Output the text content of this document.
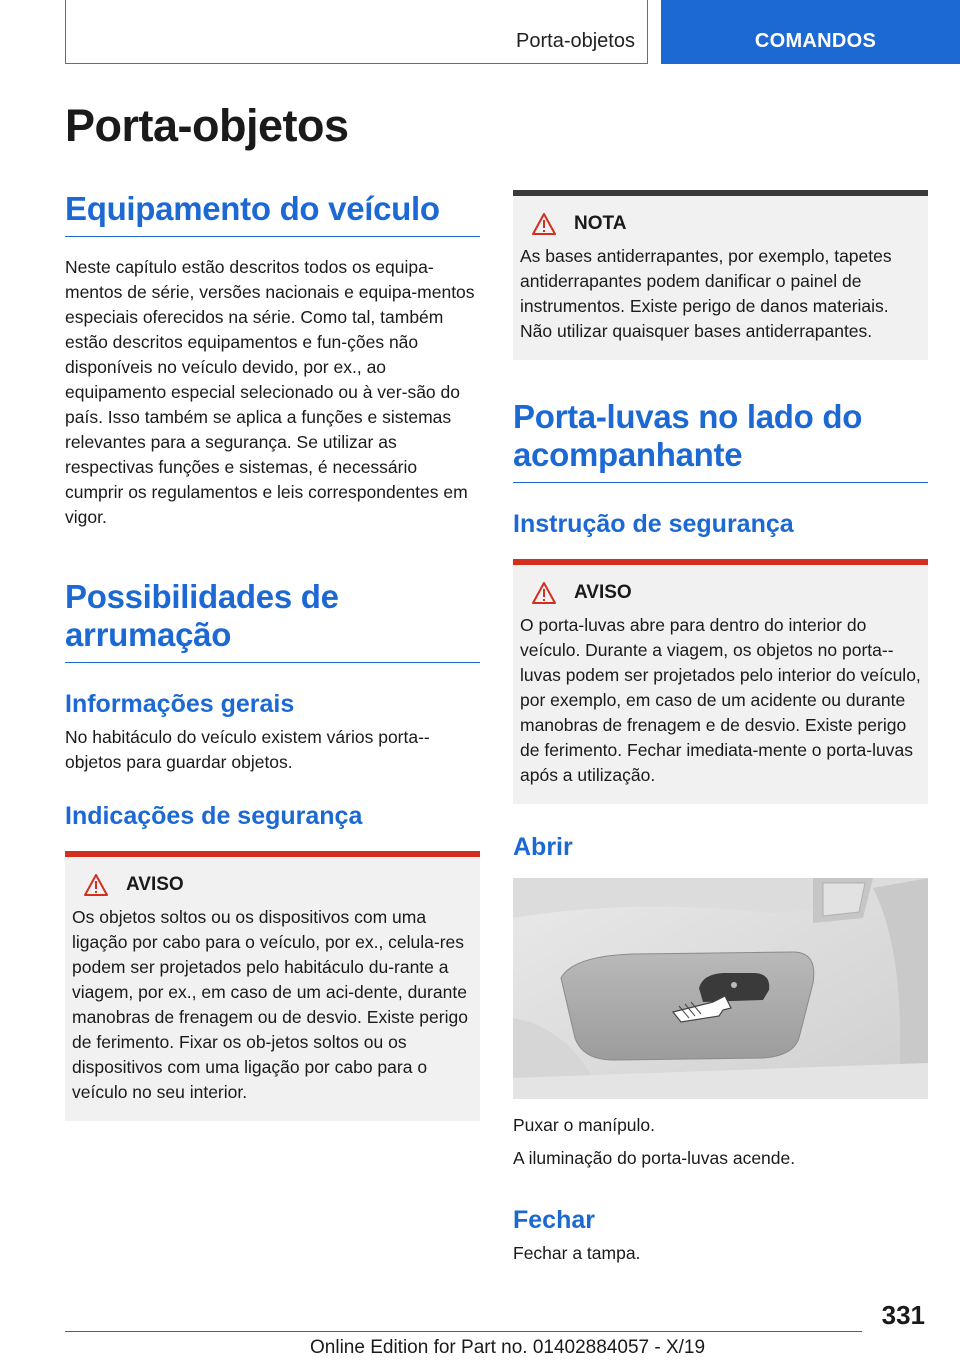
Porta-objetos	COMANDOS
Porta-objetos
Equipamento do veículo

Neste capítulo estão descritos todos os equipa-mentos de série, versões nacionais e equipa-mentos especiais oferecidos na série. Como tal, também estão descritos equipamentos e fun-ções não disponíveis no veículo devido, por ex., ao equipamento especial selecionado ou à ver-são do país. Isso também se aplica a funções e sistemas relevantes para a segurança. Se utilizar as respectivas funções e sistemas, é necessário cumprir os regulamentos e leis correspondentes em vigor.

Possibilidades de arrumação
Informações gerais

No habitáculo do veículo existem vários porta--objetos para guardar objetos.

Indicações de segurança
AVISO

Os objetos soltos ou os dispositivos com uma ligação por cabo para o veículo, por ex., celula-res podem ser projetados pelo habitáculo du-rante a viagem, por ex., em caso de um aci-dente, durante manobras de frenagem ou de desvio. Existe perigo de ferimento. Fixar os ob-jetos soltos ou os dispositivos com uma ligação por cabo para o veículo no seu interior.

NOTA

As bases antiderrapantes, por exemplo, tapetes antiderrapantes podem danificar o painel de instrumentos. Existe perigo de danos materiais. Não utilizar quaisquer bases antiderrapantes.

Porta-luvas no lado do acompanhante
Instrução de segurança
AVISO

O porta-luvas abre para dentro do interior do veículo. Durante a viagem, os objetos no porta--luvas podem ser projetados pelo interior do veículo, por exemplo, em caso de um acidente ou durante manobras de frenagem e de desvio. Existe perigo de ferimento. Fechar imediata-mente o porta-luvas após a utilização.

Abrir

Puxar o manípulo.

A iluminação do porta-luvas acende.

Fechar

Fechar a tampa.

331
Online Edition for Part no. 01402884057 - X/19
